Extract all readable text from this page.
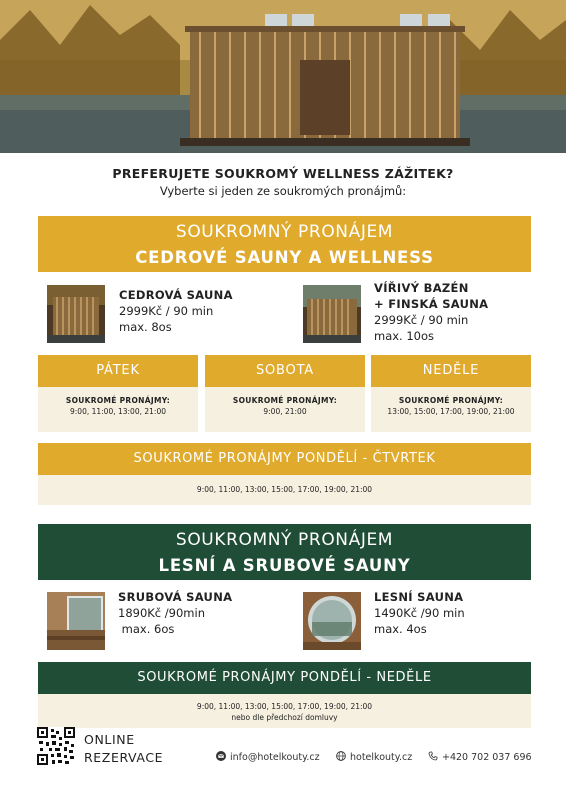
PREFERUJETE SOUKROMÝ WELLNESS ZÁŽITEK?
Vyberte si jeden ze soukromých pronájmů:
SOUKROMNÝ PRONÁJEM
CEDROVÉ SAUNY A WELLNESS
CEDROVÁ SAUNA
2999Kč / 90 min
max. 8os
VÍŘIVÝ BAZÉN
+ FINSKÁ SAUNA
2999Kč / 90 min
max. 10os
PÁTEK
SOUKROMÉ PRONÁJMY:
9:00, 11:00, 13:00, 21:00
SOBOTA
SOUKROMÉ PRONÁJMY:
9:00, 21:00
NEDĚLE
SOUKROMÉ PRONÁJMY:
13:00, 15:00, 17:00, 19:00, 21:00
SOUKROMÉ PRONÁJMY PONDĚLÍ - ČTVRTEK
9:00, 11:00, 13:00, 15:00, 17:00, 19:00, 21:00
SOUKROMNÝ PRONÁJEM
LESNÍ A SRUBOVÉ SAUNY
SRUBOVÁ SAUNA
1890Kč /90min
max. 6os
LESNÍ SAUNA
1490Kč /90 min
max. 4os
SOUKROMÉ PRONÁJMY PONDĚLÍ - NEDĚLE
9:00, 11:00, 13:00, 15:00, 17:00, 19:00, 21:00
nebo dle předchozí domluvy
ONLINE
REZERVACE	info@hotelkouty.cz	hotelkouty.cz	+420 702 037 696
